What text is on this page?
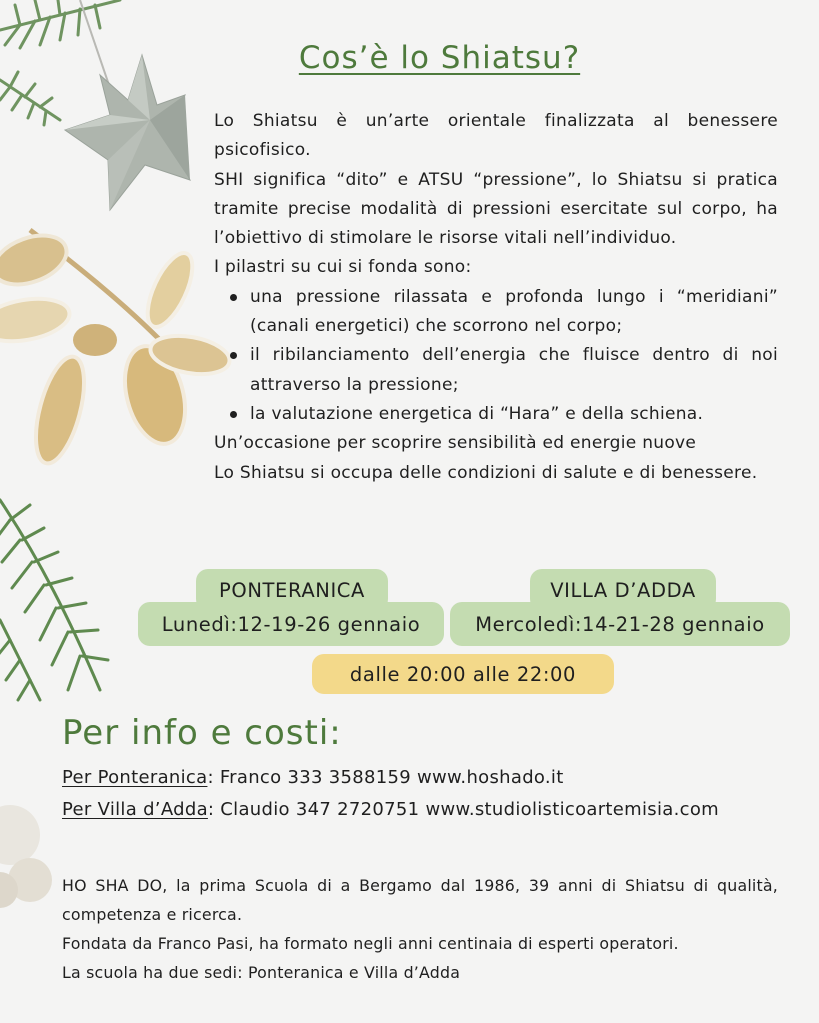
Cos’è lo Shiatsu?

Lo Shiatsu è un’arte orientale finalizzata al benessere psicofisico.

SHI significa “dito” e ATSU “pressione”, lo Shiatsu si pratica tramite precise modalità di pressioni esercitate sul corpo, ha l’obiettivo di stimolare le risorse vitali nell’individuo.

I pilastri su cui si fonda sono:

una pressione rilassata e profonda lungo i “meridiani” (canali energetici) che scorrono nel corpo;
il ribilanciamento dell’energia che fluisce dentro di noi attraverso la pressione;
la valutazione energetica di “Hara” e della schiena.

Un’occasione per scoprire sensibilità ed energie nuove

Lo Shiatsu si occupa delle condizioni di salute e di benessere.

PONTERANICA
Lunedì:12-19-26 gennaio
VILLA D’ADDA
Mercoledì:14-21-28 gennaio
dalle 20:00 alle 22:00
Per info e costi:
Per Ponteranica: Franco 333 3588159 www.hoshado.it
Per Villa d’Adda: Claudio 347 2720751 www.studiolisticoartemisia.com

HO SHA DO, la prima Scuola di a Bergamo dal 1986, 39 anni di Shiatsu di qualità, competenza e ricerca.

Fondata da Franco Pasi, ha formato negli anni centinaia di esperti operatori.

La scuola ha due sedi: Ponteranica e Villa d’Adda
